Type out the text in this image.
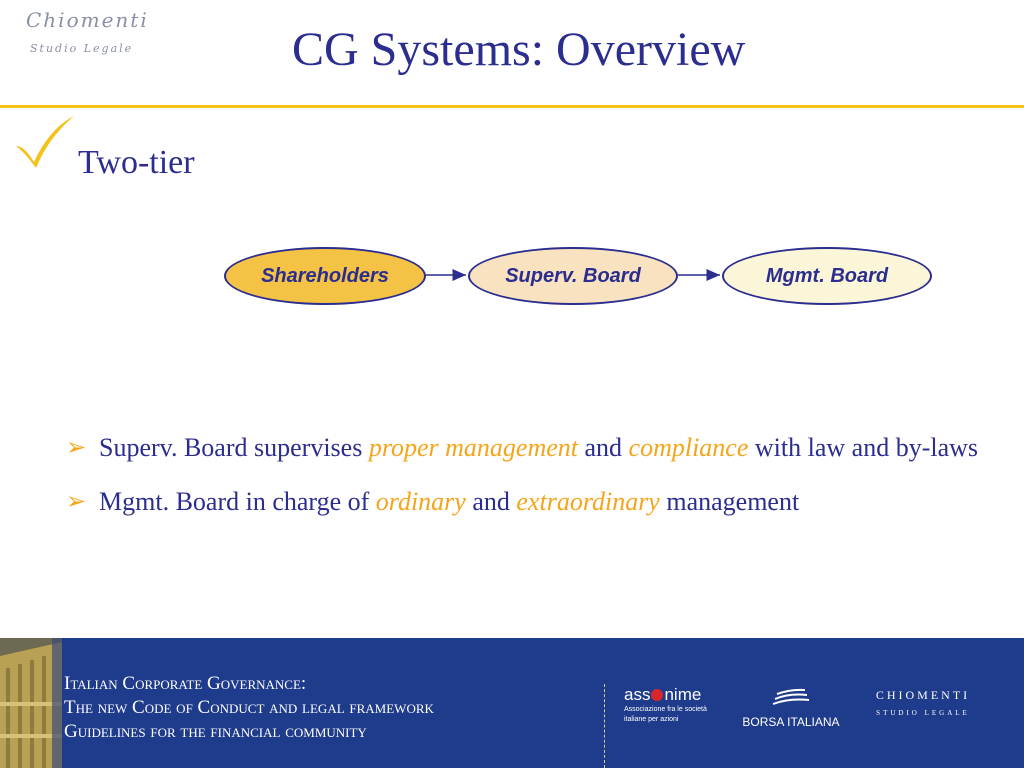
Chiomenti
Studio Legale	CG Systems: Overview
Two-tier
Shareholders	Superv. Board	Mgmt. Board
➢ Superv. Board supervises proper management and compliance with law and by-laws
➢ Mgmt. Board in charge of ordinary and extraordinary management
Italian Corporate Governance:
The new Code of Conduct and legal framework
Guidelines for the financial community
ass nime
Associazione fra le società
italiane per azioni	BORSA ITALIANA
CHIOMENTI
STUDIO LEGALE
